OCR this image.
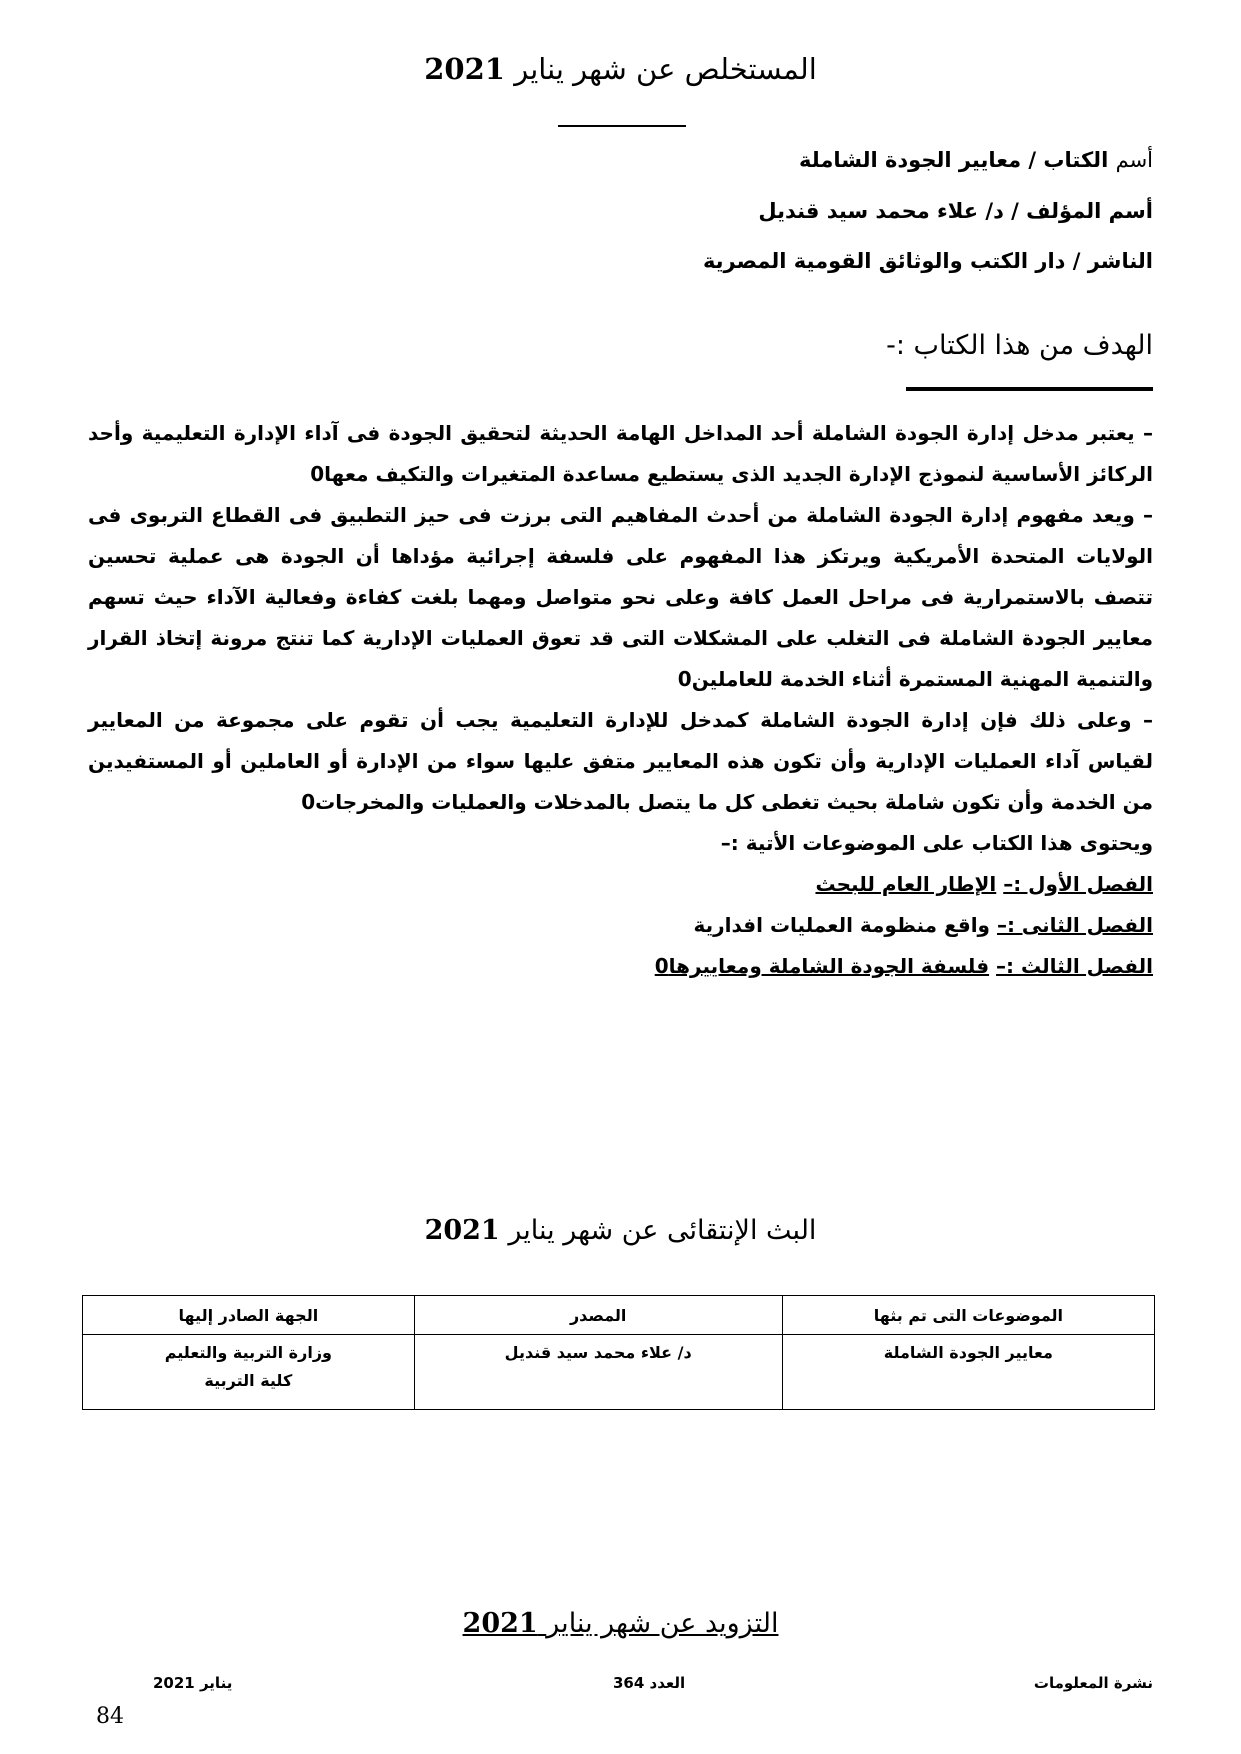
المستخلص عن شهر يناير 2021
أسم الكتاب / معايير الجودة الشاملة
أسم المؤلف / د/ علاء محمد سيد قنديل
الناشر / دار الكتب والوثائق القومية المصرية
الهدف من هذا الكتاب :-

– يعتبر مدخل إدارة الجودة الشاملة أحد المداخل الهامة الحديثة لتحقيق الجودة فى آداء الإدارة التعليمية وأحد الركائز الأساسية لنموذج الإدارة الجديد الذى يستطيع مساعدة المتغيرات والتكيف معها0

– ويعد مفهوم إدارة الجودة الشاملة من أحدث المفاهيم التى برزت فى حيز التطبيق فى القطاع التربوى فى الولايات المتحدة الأمريكية ويرتكز هذا المفهوم على فلسفة إجرائية مؤداها أن الجودة هى عملية تحسين تتصف بالاستمرارية فى مراحل العمل كافة وعلى نحو متواصل ومهما بلغت كفاءة وفعالية الآداء حيث تسهم معايير الجودة الشاملة فى التغلب على المشكلات التى قد تعوق العمليات الإدارية كما تنتج مرونة إتخاذ القرار والتنمية المهنية المستمرة أثناء الخدمة للعاملين0

– وعلى ذلك فإن إدارة الجودة الشاملة كمدخل للإدارة التعليمية يجب أن تقوم على مجموعة من المعايير لقياس آداء العمليات الإدارية وأن تكون هذه المعايير متفق عليها سواء من الإدارة أو العاملين أو المستفيدين من الخدمة وأن تكون شاملة بحيث تغطى كل ما يتصل بالمدخلات والعمليات والمخرجات0

ويحتوى هذا الكتاب على الموضوعات الأتية :–

الفصل الأول :– الإطار العام للبحث

الفصل الثانى :– واقع منظومة العمليات افدارية

الفصل الثالث :– فلسفة الجودة الشاملة ومعاييرها0

البث الإنتقائى عن شهر يناير 2021
الموضوعات التى تم بثها	المصدر	الجهة الصادر إليها
معايير الجودة الشاملة	د/ علاء محمد سيد قنديل	وزارة التربية والتعليم
كلية التربية
التزويد عن شهر يناير 2021
يناير 2021	العدد 364	نشرة المعلومات
84
